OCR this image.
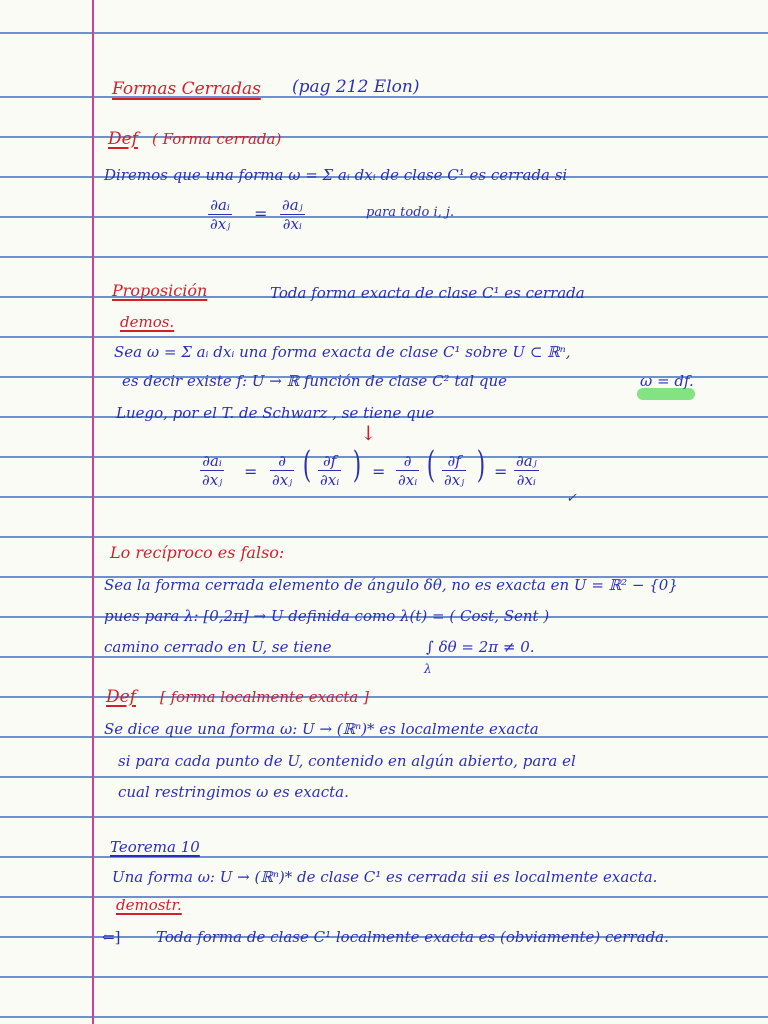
Formas Cerradas (pag 212 Elon)
Def ( Forma cerrada)
Diremos que una forma ω = Σ aᵢ dxᵢ de clase C¹ es cerrada si
$\frac{\text{∂aᵢ}}{\text{∂xⱼ}} = \frac{\text{∂aⱼ}}{\text{∂xᵢ}}$	para todo i, j.
Proposición	Toda forma exacta de clase C¹ es cerrada
demos.
Sea ω = Σ aᵢ dxᵢ una forma exacta de clase C¹ sobre U ⊂ ℝⁿ,
es decir existe f: U → ℝ función de clase C² tal que	ω = df.
Luego, por el T. de Schwarz , se tiene que
↓
$\frac{\text{∂aᵢ}}{\text{∂xⱼ}}$ =
∂
∂xⱼ ( $\frac{\partial f}{\text{∂xᵢ}}$ ) =
∂
∂xᵢ ( $\frac{\partial f}{\text{∂xⱼ}}$ ) = $\frac{\text{∂aⱼ}}{\text{∂xᵢ}}$
✓
Lo recíproco es falso:
Sea la forma cerrada elemento de ángulo δθ, no es exacta en U = ℝ² − {0}
pues para λ: [0,2π] → U definida como λ(t) = ( Cost, Sent )
camino cerrado en U, se tiene	∫ δθ = 2π ≠ 0.
λ
Def [ forma localmente exacta ]
Se dice que una forma ω: U → (ℝⁿ)* es localmente exacta
si para cada punto de U, contenido en algún abierto, para el
cual restringimos ω es exacta.
Teorema 10
Una forma ω: U → (ℝⁿ)* de clase C¹ es cerrada sii es localmente exacta.
demostr.
⇐] Toda forma de clase C¹ localmente exacta es (obviamente) cerrada.
